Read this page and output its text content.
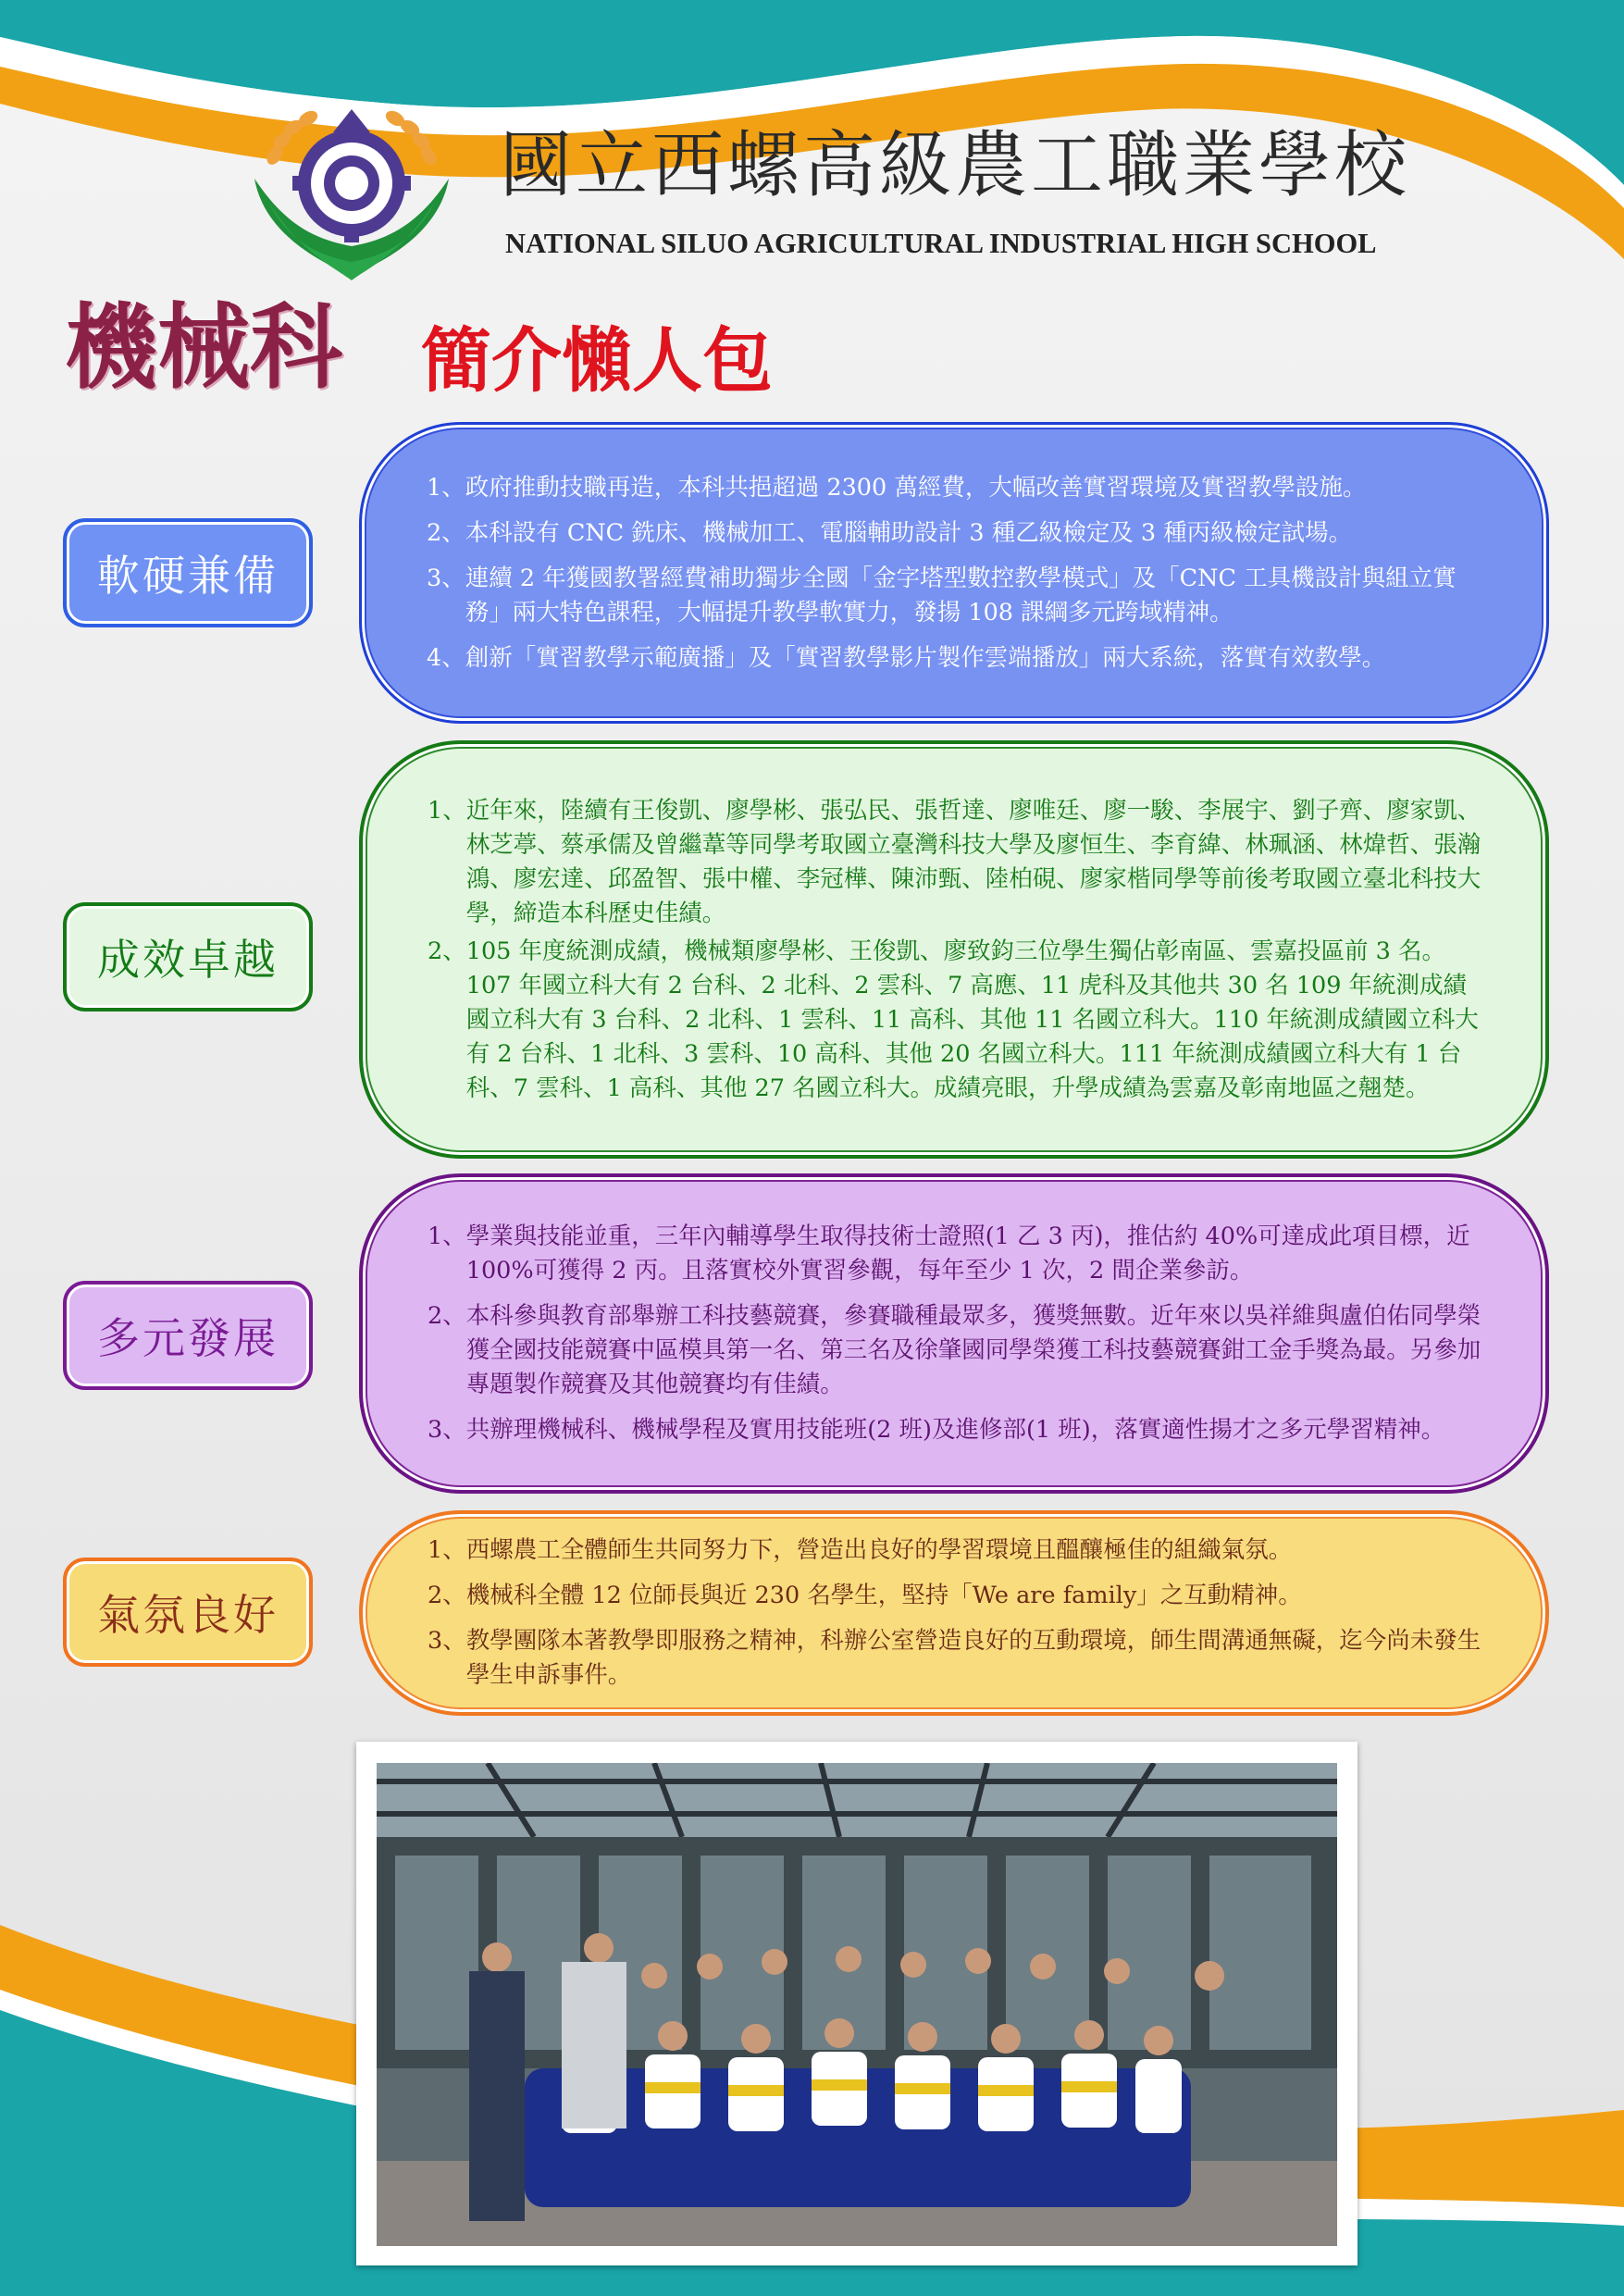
國立西螺高級農工職業學校
NATIONAL SILUO AGRICULTURAL INDUSTRIAL HIGH SCHOOL
機械科 簡介懶人包
軟硬兼備
1、 政府推動技職再造，本科共挹超過 2300 萬經費，大幅改善實習環境及實習教學設施。
2、 本科設有 CNC 銑床、機械加工、電腦輔助設計 3 種乙級檢定及 3 種丙級檢定試場。
3、 連續 2 年獲國教署經費補助獨步全國「金字塔型數控教學模式」及「CNC 工具機設計與組立實務」兩大特色課程，大幅提升教學軟實力，發揚 108 課綱多元跨域精神。
4、 創新「實習教學示範廣播」及「實習教學影片製作雲端播放」兩大系統，落實有效教學。
成效卓越
1、 近年來，陸續有王俊凱、廖學彬、張弘民、張哲達、廖唯廷、廖一駿、李展宇、劉子齊、廖家凱、林芝葶、蔡承儒及曾繼葦等同學考取國立臺灣科技大學及廖恒生、李育緯、林珮涵、林煒哲、張瀚鴻、廖宏達、邱盈智、張中權、李冠樺、陳沛甄、陸柏硯、廖家楷同學等前後考取國立臺北科技大學，締造本科歷史佳績。
2、 105 年度統測成績，機械類廖學彬、王俊凱、廖致鈞三位學生獨佔彰南區、雲嘉投區前 3 名。107 年國立科大有 2 台科、2 北科、2 雲科、7 高應、11 虎科及其他共 30 名 109 年統測成績國立科大有 3 台科、2 北科、1 雲科、11 高科、其他 11 名國立科大。110 年統測成績國立科大有 2 台科、1 北科、3 雲科、10 高科、其他 20 名國立科大。111 年統測成績國立科大有 1 台科、7 雲科、1 高科、其他 27 名國立科大。成績亮眼，升學成績為雲嘉及彰南地區之翹楚。
多元發展
1、 學業與技能並重，三年內輔導學生取得技術士證照(1 乙 3 丙)，推估約 40%可達成此項目標，近 100%可獲得 2 丙。且落實校外實習參觀，每年至少 1 次，2 間企業參訪。
2、 本科參與教育部舉辦工科技藝競賽，參賽職種最眾多，獲獎無數。近年來以吳祥維與盧伯佑同學榮獲全國技能競賽中區模具第一名、第三名及徐肇國同學榮獲工科技藝競賽鉗工金手獎為最。另參加專題製作競賽及其他競賽均有佳績。
3、 共辦理機械科、機械學程及實用技能班(2 班)及進修部(1 班)，落實適性揚才之多元學習精神。
氣氛良好
1、 西螺農工全體師生共同努力下，營造出良好的學習環境且醞釀極佳的組織氣氛。
2、 機械科全體 12 位師長與近 230 名學生，堅持「We are family」之互動精神。
3、 教學團隊本著教學即服務之精神，科辦公室營造良好的互動環境，師生間溝通無礙，迄今尚未發生學生申訴事件。
